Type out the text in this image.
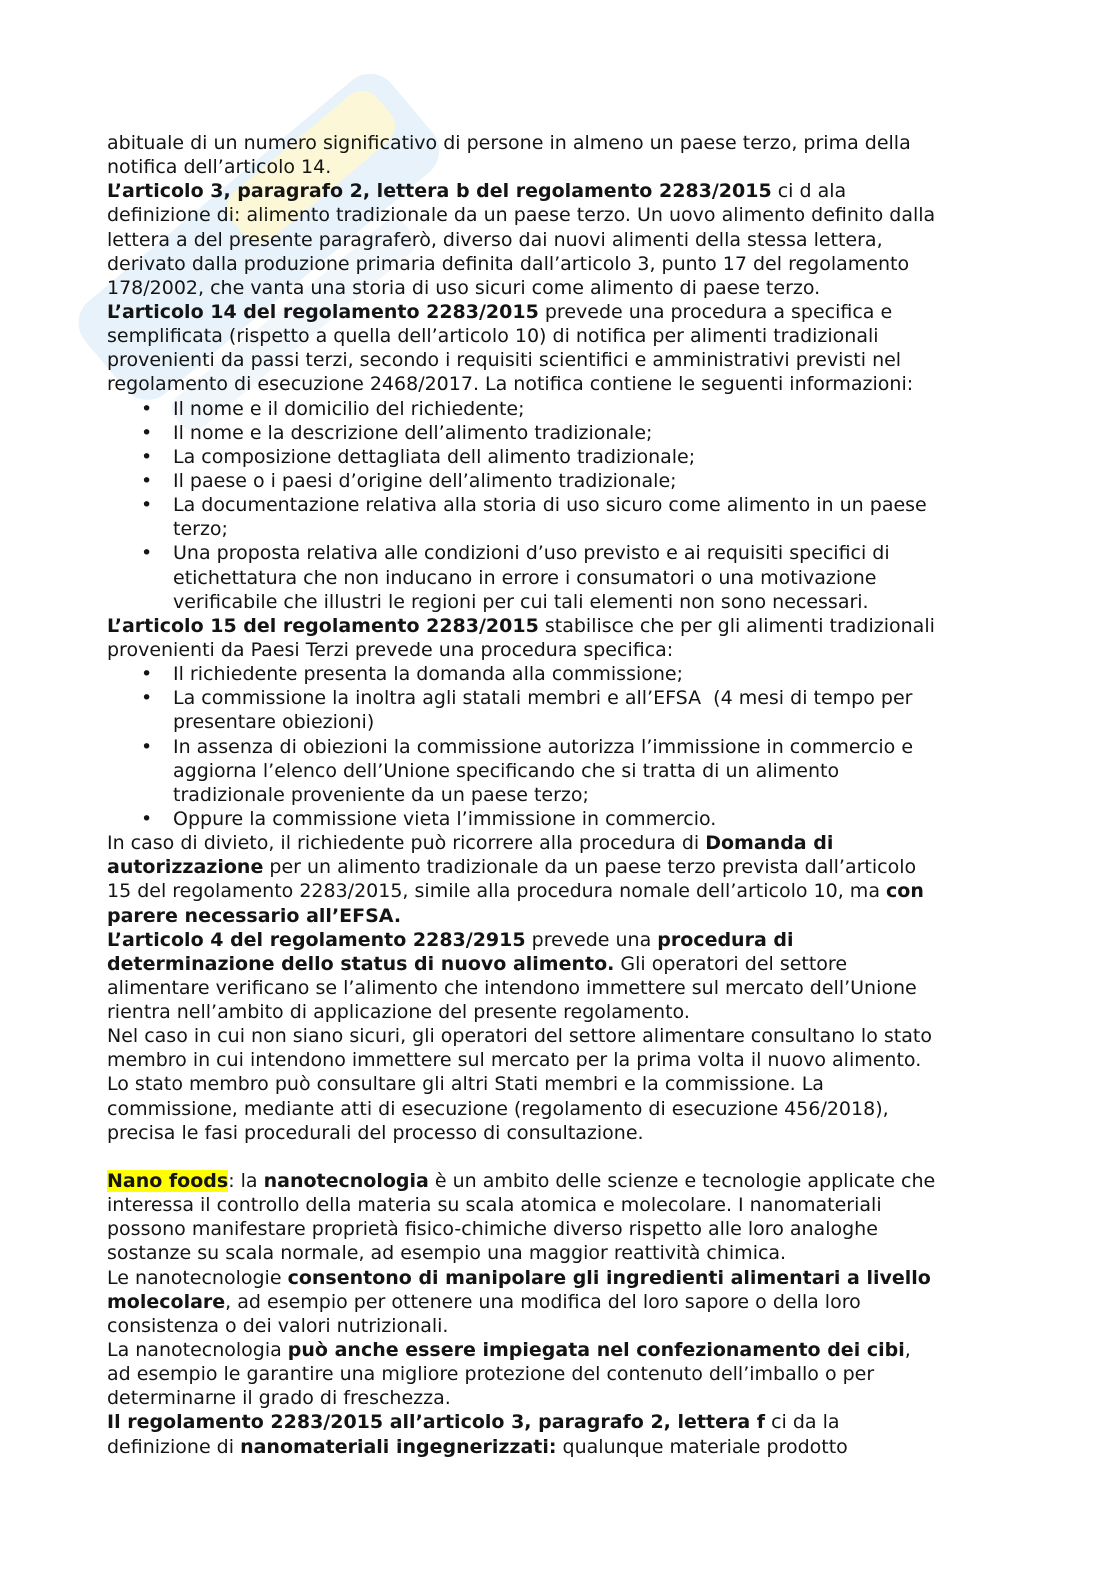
abituale di un numero significativo di persone in almeno un paese terzo, prima della
notifica dell’articolo 14.
L’articolo 3, paragrafo 2, lettera b del regolamento 2283/2015 ci d ala
definizione di: alimento tradizionale da un paese terzo. Un uovo alimento definito dalla
lettera a del presente paragraferò, diverso dai nuovi alimenti della stessa lettera,
derivato dalla produzione primaria definita dall’articolo 3, punto 17 del regolamento
178/2002, che vanta una storia di uso sicuri come alimento di paese terzo.
L’articolo 14 del regolamento 2283/2015 prevede una procedura a specifica e
semplificata (rispetto a quella dell’articolo 10) di notifica per alimenti tradizionali
provenienti da passi terzi, secondo i requisiti scientifici e amministrativi previsti nel
regolamento di esecuzione 2468/2017. La notifica contiene le seguenti informazioni:
• Il nome e il domicilio del richiedente;
• Il nome e la descrizione dell’alimento tradizionale;
• La composizione dettagliata dell alimento tradizionale;
• Il paese o i paesi d’origine dell’alimento tradizionale;
• La documentazione relativa alla storia di uso sicuro come alimento in un paese
terzo;
• Una proposta relativa alle condizioni d’uso previsto e ai requisiti specifici di
etichettatura che non inducano in errore i consumatori o una motivazione
verificabile che illustri le regioni per cui tali elementi non sono necessari.
L’articolo 15 del regolamento 2283/2015 stabilisce che per gli alimenti tradizionali
provenienti da Paesi Terzi prevede una procedura specifica:
• Il richiedente presenta la domanda alla commissione;
• La commissione la inoltra agli statali membri e all’EFSA  (4 mesi di tempo per
presentare obiezioni)
• In assenza di obiezioni la commissione autorizza l’immissione in commercio e
aggiorna l’elenco dell’Unione specificando che si tratta di un alimento
tradizionale proveniente da un paese terzo;
• Oppure la commissione vieta l’immissione in commercio.
In caso di divieto, il richiedente può ricorrere alla procedura di Domanda di
autorizzazione per un alimento tradizionale da un paese terzo prevista dall’articolo
15 del regolamento 2283/2015, simile alla procedura nomale dell’articolo 10, ma con
parere necessario all’EFSA.
L’articolo 4 del regolamento 2283/2915 prevede una procedura di
determinazione dello status di nuovo alimento. Gli operatori del settore
alimentare verificano se l’alimento che intendono immettere sul mercato dell’Unione
rientra nell’ambito di applicazione del presente regolamento.
Nel caso in cui non siano sicuri, gli operatori del settore alimentare consultano lo stato
membro in cui intendono immettere sul mercato per la prima volta il nuovo alimento.
Lo stato membro può consultare gli altri Stati membri e la commissione. La
commissione, mediante atti di esecuzione (regolamento di esecuzione 456/2018),
precisa le fasi procedurali del processo di consultazione.
Nano foods: la nanotecnologia è un ambito delle scienze e tecnologie applicate che
interessa il controllo della materia su scala atomica e molecolare. I nanomateriali
possono manifestare proprietà fisico-chimiche diverso rispetto alle loro analoghe
sostanze su scala normale, ad esempio una maggior reattività chimica.
Le nanotecnologie consentono di manipolare gli ingredienti alimentari a livello
molecolare, ad esempio per ottenere una modifica del loro sapore o della loro
consistenza o dei valori nutrizionali.
La nanotecnologia può anche essere impiegata nel confezionamento dei cibi,
ad esempio le garantire una migliore protezione del contenuto dell’imballo o per
determinarne il grado di freschezza.
Il regolamento 2283/2015 all’articolo 3, paragrafo 2, lettera f ci da la
definizione di nanomateriali ingegnerizzati: qualunque materiale prodotto
